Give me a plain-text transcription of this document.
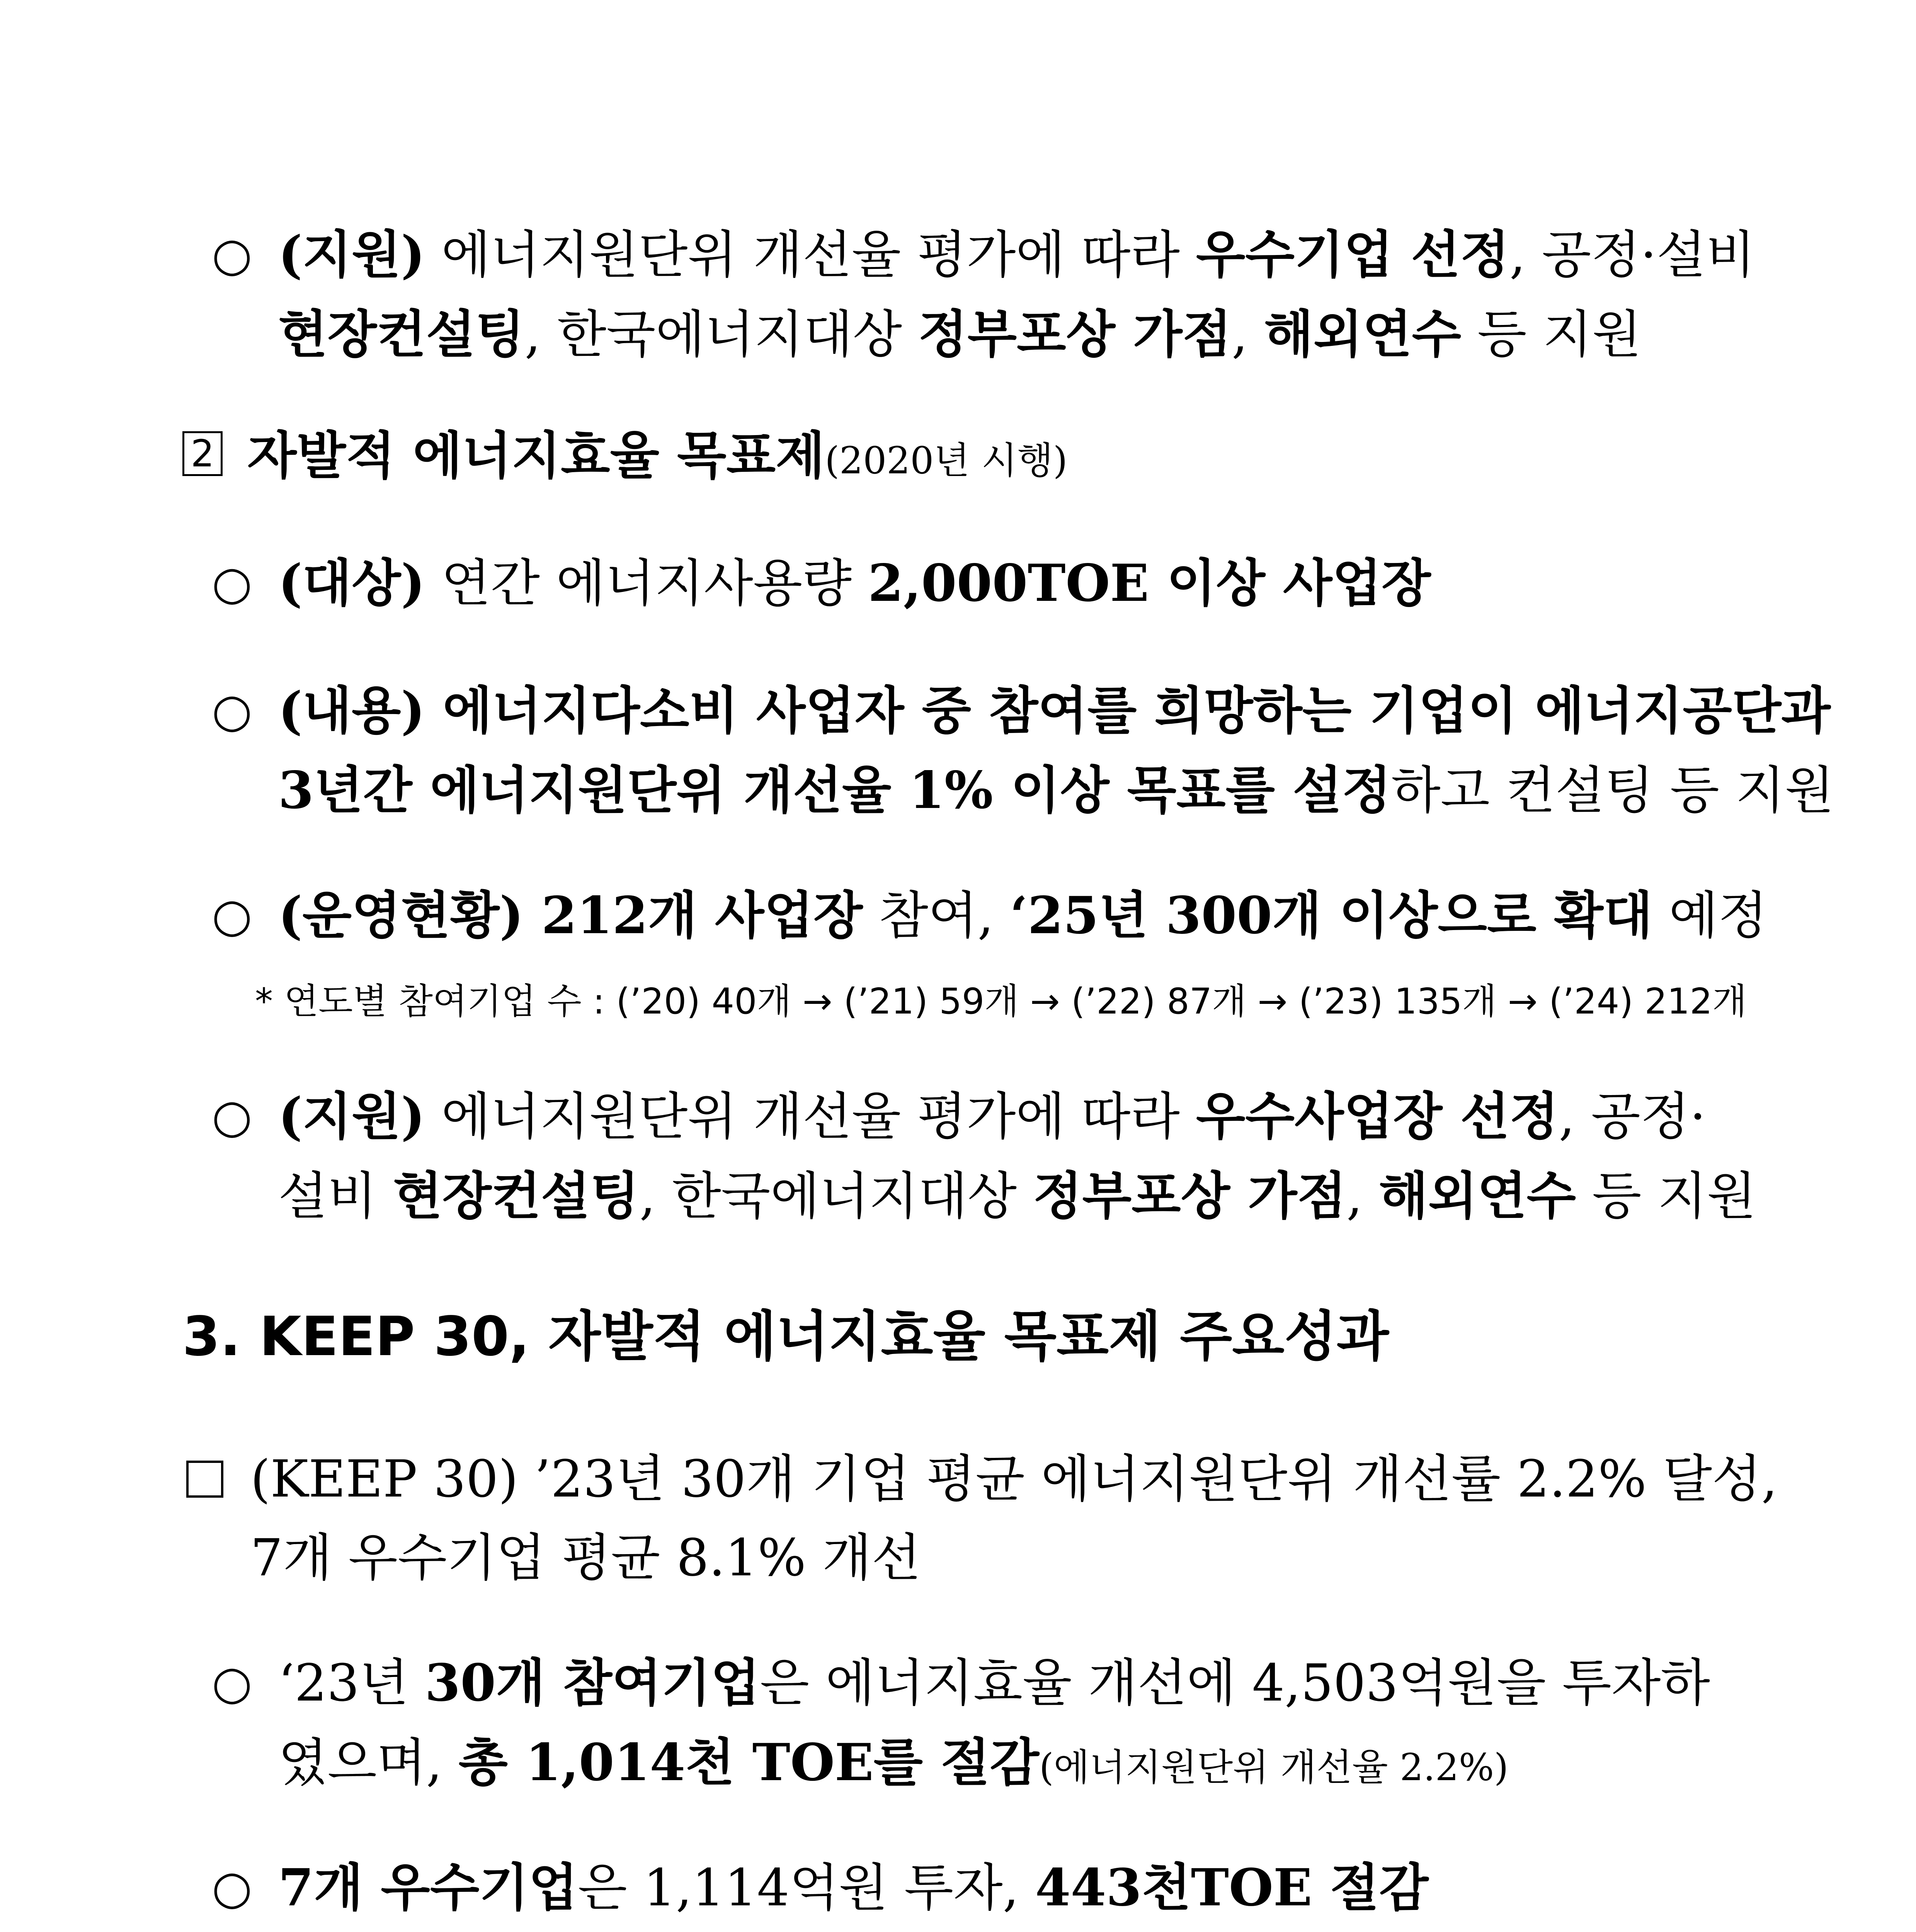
○ (지원) 에너지원단위 개선율 평가에 따라 우수기업 선정, 공정·설비
현장컨설팅, 한국에너지대상 정부포상 가점, 해외연수 등 지원
2 자발적 에너지효율 목표제(2020년 시행)
○ (대상) 연간 에너지사용량 2,000TOE 이상 사업장
○ (내용) 에너지다소비 사업자 중 참여를 희망하는 기업이 에너지공단과
3년간 에너지원단위 개선율 1% 이상 목표를 설정하고 컨설팅 등 지원
○ (운영현황) 212개 사업장 참여, ‘25년 300개 이상으로 확대 예정
* 연도별 참여기업 수 : (’20) 40개 → (’21) 59개 → (’22) 87개 → (’23) 135개 → (’24) 212개
○ (지원) 에너지원단위 개선율 평가에 따라 우수사업장 선정, 공정·
설비 현장컨설팅, 한국에너지대상 정부포상 가점, 해외연수 등 지원
3. KEEP 30, 자발적 에너지효율 목표제 주요성과
(KEEP 30) ’23년 30개 기업 평균 에너지원단위 개선률 2.2% 달성,
7개 우수기업 평균 8.1% 개선
○ ‘23년 30개 참여기업은 에너지효율 개선에 4,503억원을 투자하
였으며, 총 1,014천 TOE를 절감(에너지원단위 개선율 2.2%)
○ 7개 우수기업은 1,114억원 투자, 443천TOE 절감
